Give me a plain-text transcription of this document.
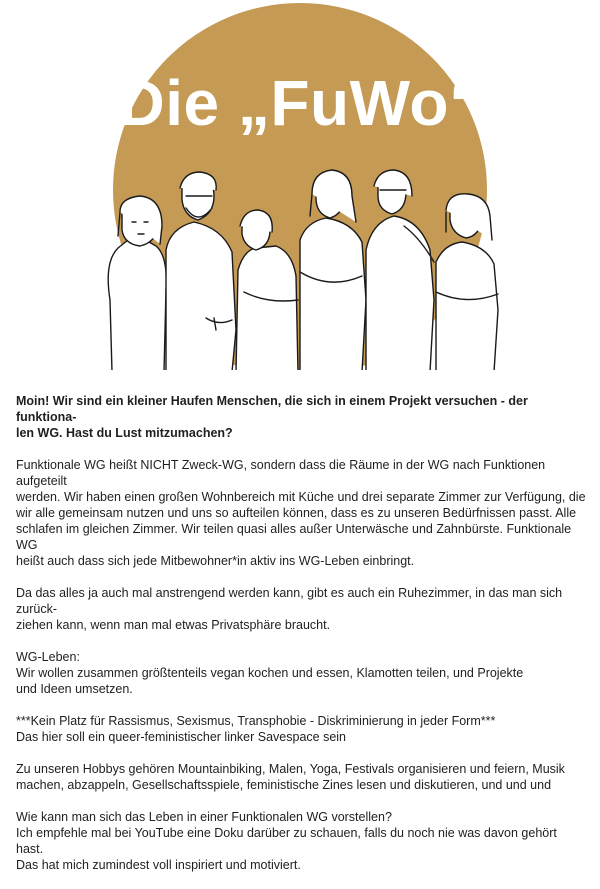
Die „FuWo“

Moin! Wir sind ein kleiner Haufen Menschen, die sich in einem Projekt versuchen - der funktiona-
len WG. Hast du Lust mitzumachen?

Funktionale WG heißt NICHT Zweck-WG, sondern dass die Räume in der WG nach Funktionen aufgeteilt
werden. Wir haben einen großen Wohnbereich mit Küche und drei separate Zimmer zur Verfügung, die
wir alle gemeinsam nutzen und uns so aufteilen können, dass es zu unseren Bedürfnissen passt. Alle
schlafen im gleichen Zimmer. Wir teilen quasi alles außer Unterwäsche und Zahnbürste. Funktionale WG
heißt auch dass sich jede Mitbewohner*in aktiv ins WG-Leben einbringt.

Da das alles ja auch mal anstrengend werden kann, gibt es auch ein Ruhezimmer, in das man sich zurück-
ziehen kann, wenn man mal etwas Privatsphäre braucht.

WG-Leben:
Wir wollen zusammen größtenteils vegan kochen und essen, Klamotten teilen, und Projekte
und Ideen umsetzen.

***Kein Platz für Rassismus, Sexismus, Transphobie - Diskriminierung in jeder Form***
Das hier soll ein queer-feministischer linker Savespace sein

Zu unseren Hobbys gehören Mountainbiking, Malen, Yoga, Festivals organisieren und feiern, Musik
machen, abzappeln, Gesellschaftsspiele, feministische Zines lesen und diskutieren, und und und

Wie kann man sich das Leben in einer Funktionalen WG vorstellen?
Ich empfehle mal bei YouTube eine Doku darüber zu schauen, falls du noch nie was davon gehört hast.
Das hat mich zumindest voll inspiriert und motiviert.
